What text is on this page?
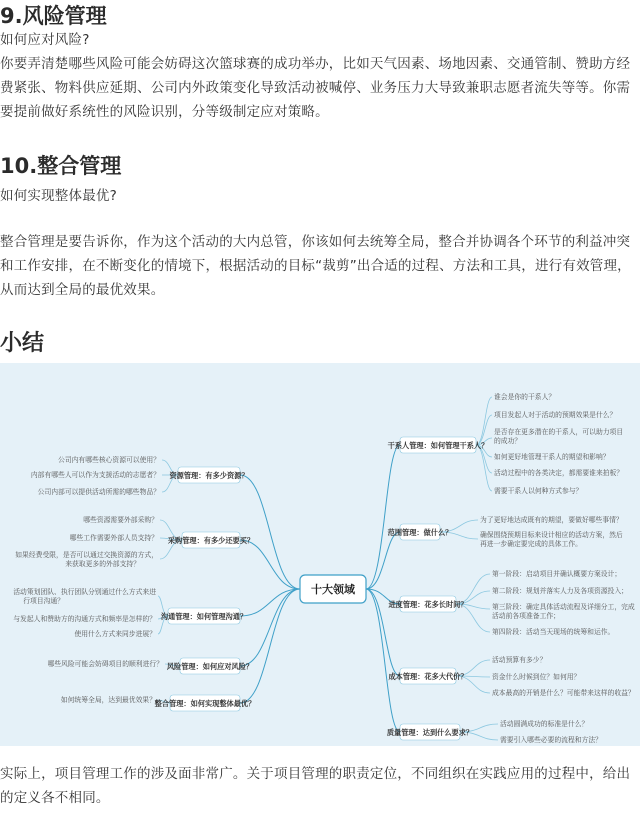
9.风险管理

如何应对风险?

你要弄清楚哪些风险可能会妨碍这次篮球赛的成功举办，比如天气因素、场地因素、交通管制、赞助方经

费紧张、物料供应延期、公司内外政策变化导致活动被喊停、业务压力大导致兼职志愿者流失等等。你需

要提前做好系统性的风险识别，分等级制定应对策略。

10.整合管理

如何实现整体最优?

整合管理是要告诉你，作为这个活动的大内总管，你该如何去统筹全局，整合并协调各个环节的利益冲突

和工作安排，在不断变化的情境下，根据活动的目标“裁剪”出合适的过程、方法和工具，进行有效管理，

从而达到全局的最优效果。

小结
十大领域
资源管理：有多少资源？
采购管理：有多少还要买？
沟通管理：如何管理沟通？
风险管理：如何应对风险？
整合管理：如何实现整体最优？
干系人管理：如何管理干系人？
范围管理：做什么？
进度管理：花多长时间？
成本管理：花多大代价？
质量管理：达到什么要求？
公司内有哪些核心资源可以使用？
内部有哪些人可以作为支援活动的志愿者？
公司内部可以提供活动所需的哪些物品？
哪些资源需要外部采购？
哪些工作需要外部人员支持？
如果经费受限，是否可以通过交换资源的方式，
来获取更多的外部支持？
活动策划团队、执行团队分别通过什么方式来进
行项目沟通？
与发起人和赞助方的沟通方式和频率是怎样的？
使用什么方式来同步进展？
哪些风险可能会妨碍项目的顺利进行？
如何统筹全局，达到最优效果？
谁会是你的干系人？
项目发起人对于活动的预期效果是什么？
是否存在更多潜在的干系人，可以助力项目
的成功？
如何更好地管理干系人的期望和影响？
活动过程中的各类决定，都需要谁来拍板？
需要干系人以何种方式参与？
为了更好地达成既有的期望，要做好哪些事情？
确保围绕预期目标来设计相应的活动方案，然后
再进一步确定要完成的具体工作。
第一阶段：启动项目并确认概要方案设计；
第二阶段：规划并落实人力及各项资源投入；
第三阶段：确定具体活动流程及详细分工，完成
活动前各项准备工作；
第四阶段：活动当天现场的统筹和运作。
活动预算有多少？
资金什么时候到位？如何用？
成本最高的开销是什么？可能带来这样的收益？
活动圆满成功的标准是什么？
需要引入哪些必要的流程和方法？

实际上，项目管理工作的涉及面非常广。关于项目管理的职责定位，不同组织在实践应用的过程中，给出

的定义各不相同。
